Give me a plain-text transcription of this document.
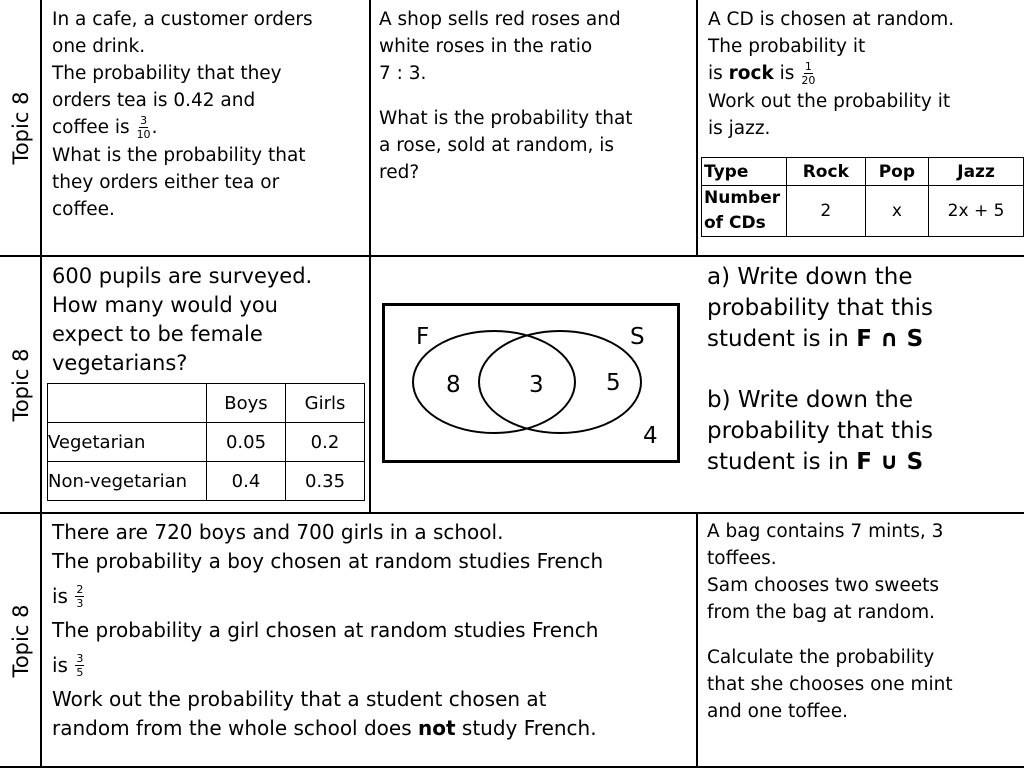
Topic 8
Topic 8
Topic 8
In a cafe, a customer orders
one drink.
The probability that they
orders tea is 0.42 and
coffee is $\frac{3}{10}$ .
What is the probability that
they orders either tea or
coffee.
A shop sells red roses and
white roses in the ratio
7 : 3.
What is the probability that
a rose, sold at random, is
red?
A CD is chosen at random.
The probability it
is rock is $\frac{1}{20}$
Work out the probability it
is jazz.
Type	Rock	Pop	Jazz
Number
of CDs	2	x	2x + 5
600 pupils are surveyed.
How many would you
expect to be female
vegetarians?
	Boys	Girls
Vegetarian	0.05	0.2
Non-vegetarian	0.4	0.35
F	S
8	3	5
4
a) Write down the
probability that this
student is in F ∩ S
b) Write down the
probability that this
student is in F ∪ S
There are 720 boys and 700 girls in a school.
The probability a boy chosen at random studies French
is $\frac{2}{3}$
The probability a girl chosen at random studies French
is $\frac{3}{5}$
Work out the probability that a student chosen at
random from the whole school does not study French.
A bag contains 7 mints, 3
toffees.
Sam chooses two sweets
from the bag at random.
Calculate the probability
that she chooses one mint
and one toffee.
